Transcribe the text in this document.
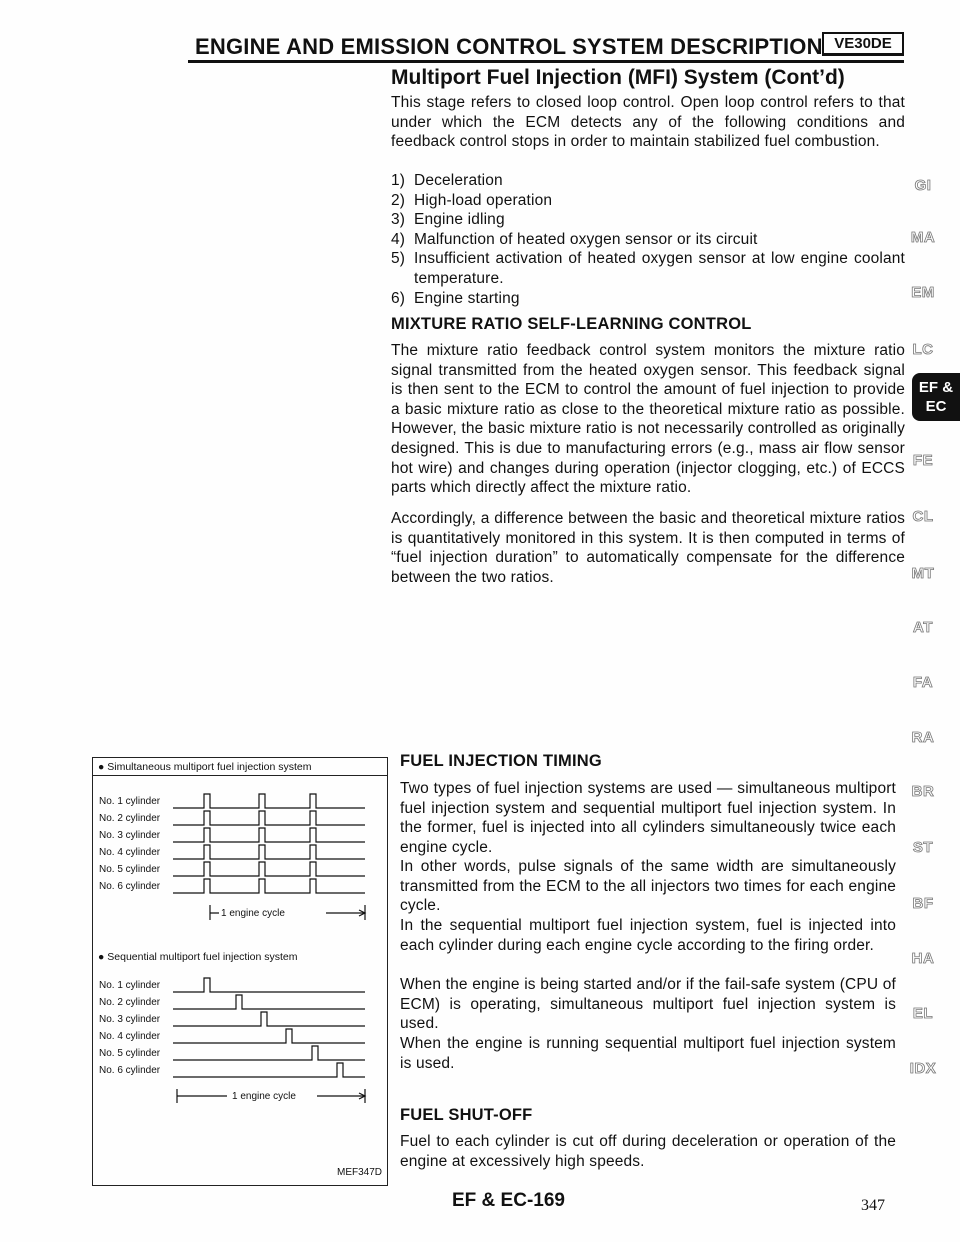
ENGINE AND EMISSION CONTROL SYSTEM DESCRIPTION VE30DE
Multiport Fuel Injection (MFI) System (Cont’d)
This stage refers to closed loop control. Open loop control refers to that under which the ECM detects any of the following conditions and feedback control stops in order to maintain stabilized fuel combustion.
1) Deceleration
2) High-load operation
3) Engine idling
4) Malfunction of heated oxygen sensor or its circuit
5) Insufficient activation of heated oxygen sensor at low engine coolant temperature.
6) Engine starting
MIXTURE RATIO SELF-LEARNING CONTROL
The mixture ratio feedback control system monitors the mixture ratio signal transmitted from the heated oxygen sensor. This feedback signal is then sent to the ECM to control the amount of fuel injection to provide a basic mixture ratio as close to the theoretical mixture ratio as possible. However, the basic mixture ratio is not necessarily controlled as originally designed. This is due to manufacturing errors (e.g., mass air flow sensor hot wire) and changes during operation (injector clogging, etc.) of ECCS parts which directly affect the mixture ratio.
Accordingly, a difference between the basic and theoretical mixture ratios is quantitatively monitored in this system. It is then computed in terms of “fuel injection duration” to automatically compensate for the difference between the two ratios.
FUEL INJECTION TIMING
Two types of fuel injection systems are used — simultaneous multiport fuel injection system and sequential multiport fuel injection system. In the former, fuel is injected into all cylinders simultaneously twice each engine cycle.
In other words, pulse signals of the same width are simultaneously transmitted from the ECM to the all injectors two times for each engine cycle.
In the sequential multiport fuel injection system, fuel is injected into each cylinder during each engine cycle according to the firing order.
When the engine is being started and/or if the fail-safe system (CPU of ECM) is operating, simultaneous multiport fuel injection system is used.
When the engine is running sequential multiport fuel injection system is used.
FUEL SHUT-OFF
Fuel to each cylinder is cut off during deceleration or operation of the engine at excessively high speeds.
GI
MA
EM
LC
EF &
EC
FE
CL
MT
AT
FA
RA
BR
ST
BF
HA
EL
IDX
● Simultaneous multiport fuel injection system
No. 1 cylinder
No. 2 cylinder
No. 3 cylinder
No. 4 cylinder
No. 5 cylinder
No. 6 cylinder
1 engine cycle
● Sequential multiport fuel injection system
No. 1 cylinder
No. 2 cylinder
No. 3 cylinder
No. 4 cylinder
No. 5 cylinder
No. 6 cylinder
1 engine cycle
MEF347D
EF & EC-169	347
